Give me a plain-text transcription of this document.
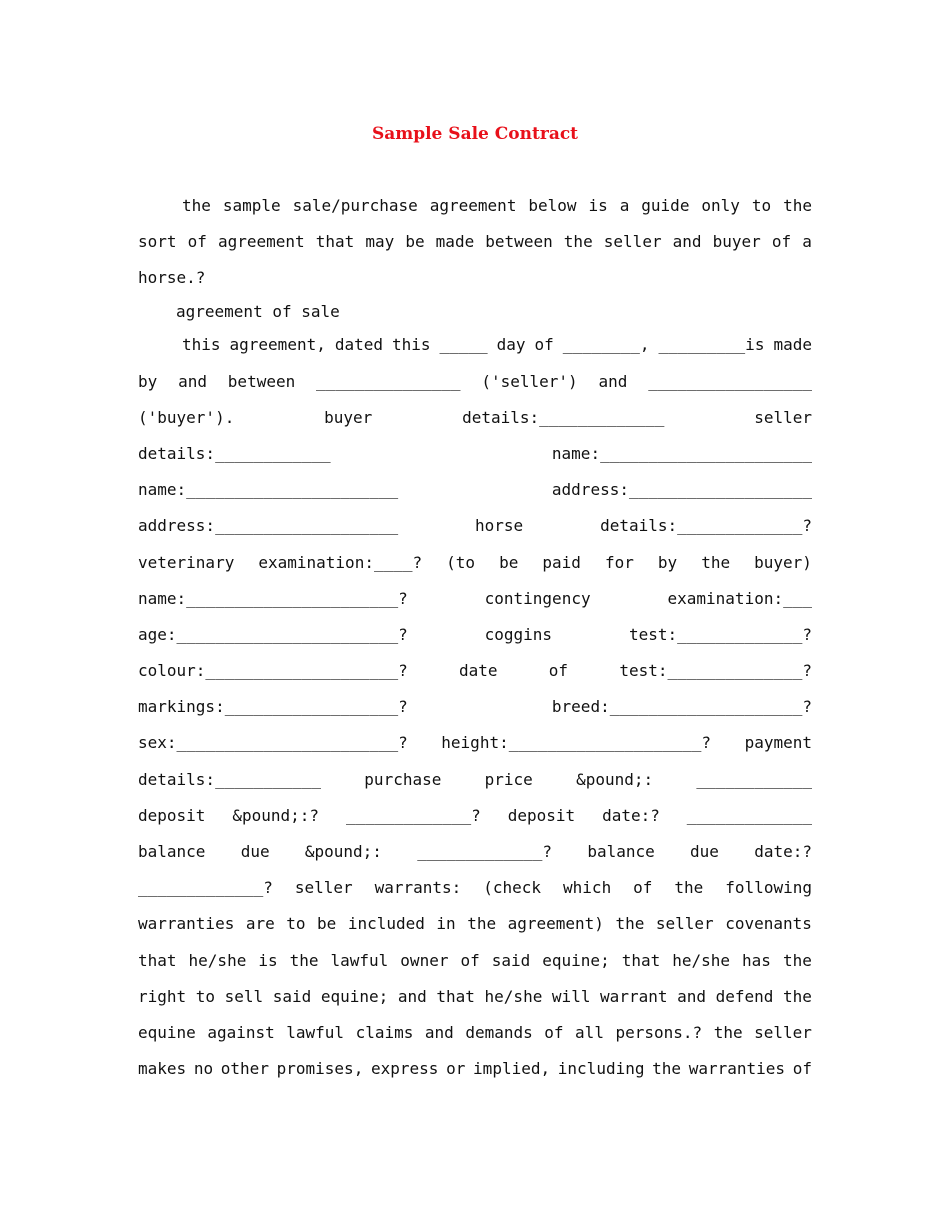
Sample Sale Contract
the sample sale/purchase agreement below is a guide only to the
sort of agreement that may be made between the seller and buyer of a
horse.?
agreement of sale
this agreement, dated this _____ day of ________, _________is made
by and between _______________ ('seller') and _________________
('buyer').	buyer	details:_____________	seller
details:____________	name:______________________
name:______________________	address:___________________
address:___________________	horse	details:_____________?
veterinary examination:____? (to be paid for by the buyer)
name:______________________?	contingency	examination:___
age:_______________________?	coggins	test:_____________?
colour:____________________?	date	of	test:______________?
markings:__________________?	breed:____________________?
sex:_______________________? height:____________________? payment
details:___________	purchase	price	&pound;:	____________
deposit &pound;:? _____________? deposit date:? _____________
balance due &pound;: _____________? balance due date:?
_____________? seller warrants: (check which of the following
warranties are to be included in the agreement) the seller covenants
that he/she is the lawful owner of said equine; that he/she has the
right to sell said equine; and that he/she will warrant and defend the
equine against lawful claims and demands of all persons.? the seller
makes no other promises, express or implied, including the warranties of
